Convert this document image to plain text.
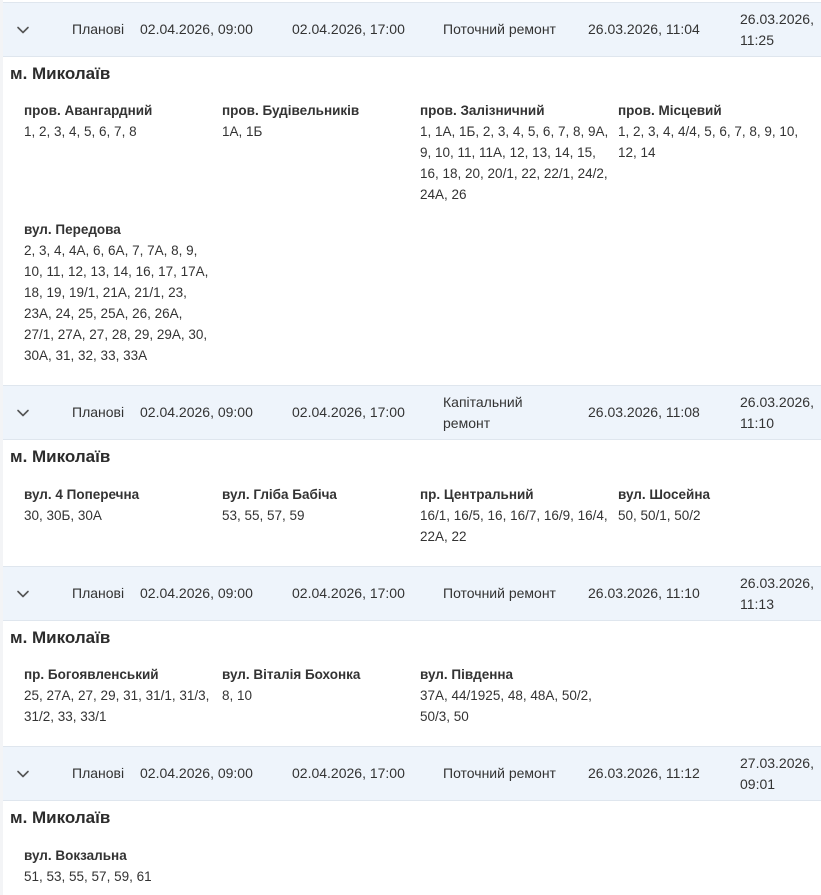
Планові 02.04.2026, 09:00	02.04.2026, 17:00	Поточний ремонт 26.03.2026, 11:04
26.03.2026,
11:25
м. Миколаїв
пров. Авангардний
1, 2, 3, 4, 5, 6, 7, 8
пров. Будівельників
1А, 1Б
пров. Залізничний
1, 1А, 1Б, 2, 3, 4, 5, 6, 7, 8, 9А, 9, 10, 11, 11А, 12, 13, 14, 15, 16, 18, 20, 20/1, 22, 22/1, 24/2, 24А, 26
пров. Місцевий
1, 2, 3, 4, 4/4, 5, 6, 7, 8, 9, 10, 12, 14
вул. Передова
2, 3, 4, 4А, 6, 6А, 7, 7А, 8, 9, 10, 11, 12, 13, 14, 16, 17, 17А, 18, 19, 19/1, 21А, 21/1, 23, 23А, 24, 25, 25А, 26, 26А, 27/1, 27А, 27, 28, 29, 29А, 30, 30А, 31, 32, 33, 33А
Планові 02.04.2026, 09:00	02.04.2026, 17:00
Капітальний
ремонт
26.03.2026, 11:08
26.03.2026,
11:10
м. Миколаїв
вул. 4 Поперечна
30, 30Б, 30А
вул. Гліба Бабіча
53, 55, 57, 59
пр. Центральний
16/1, 16/5, 16, 16/7, 16/9, 16/4, 22А, 22
вул. Шосейна
50, 50/1, 50/2
Планові 02.04.2026, 09:00	02.04.2026, 17:00	Поточний ремонт 26.03.2026, 11:10
26.03.2026,
11:13
м. Миколаїв
пр. Богоявленський
25, 27А, 27, 29, 31, 31/1, 31/3, 31/2, 33, 33/1
вул. Віталія Бохонка
8, 10
вул. Південна
37А, 44/1925, 48, 48А, 50/2, 50/3, 50
Планові 02.04.2026, 09:00	02.04.2026, 17:00	Поточний ремонт 26.03.2026, 11:12
27.03.2026,
09:01
м. Миколаїв
вул. Вокзальна
51, 53, 55, 57, 59, 61
